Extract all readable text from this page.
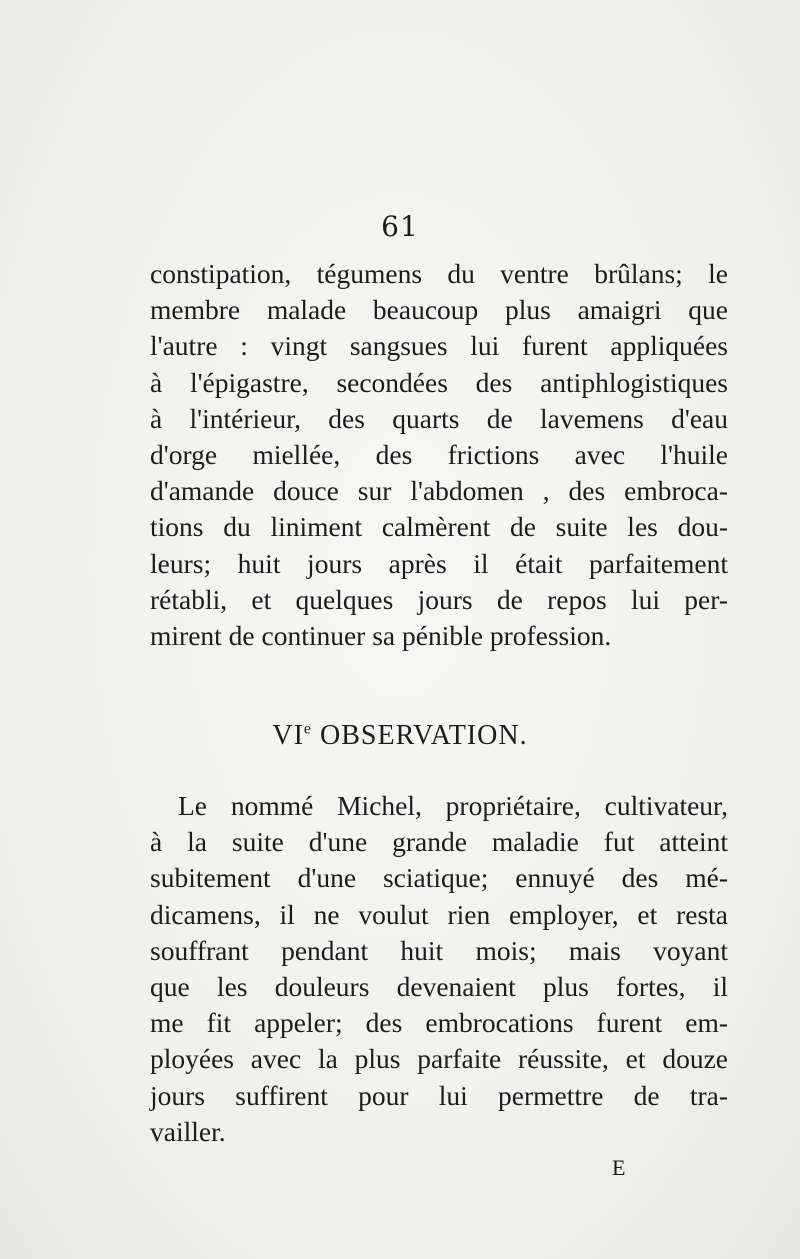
61
constipation, tégumens du ventre brûlans; le
membre malade beaucoup plus amaigri que
l'autre : vingt sangsues lui furent appliquées
à l'épigastre, secondées des antiphlogistiques
à l'intérieur, des quarts de lavemens d'eau
d'orge miellée, des frictions avec l'huile
d'amande douce sur l'abdomen , des embroca-
tions du liniment calmèrent de suite les dou-
leurs; huit jours après il était parfaitement
rétabli, et quelques jours de repos lui per-
mirent de continuer sa pénible profession.
VIe OBSERVATION.
Le nommé Michel, propriétaire, cultivateur,
à la suite d'une grande maladie fut atteint
subitement d'une sciatique; ennuyé des mé-
dicamens, il ne voulut rien employer, et resta
souffrant pendant huit mois; mais voyant
que les douleurs devenaient plus fortes, il
me fit appeler; des embrocations furent em-
ployées avec la plus parfaite réussite, et douze
jours suffirent pour lui permettre de tra-
vailler.
E
